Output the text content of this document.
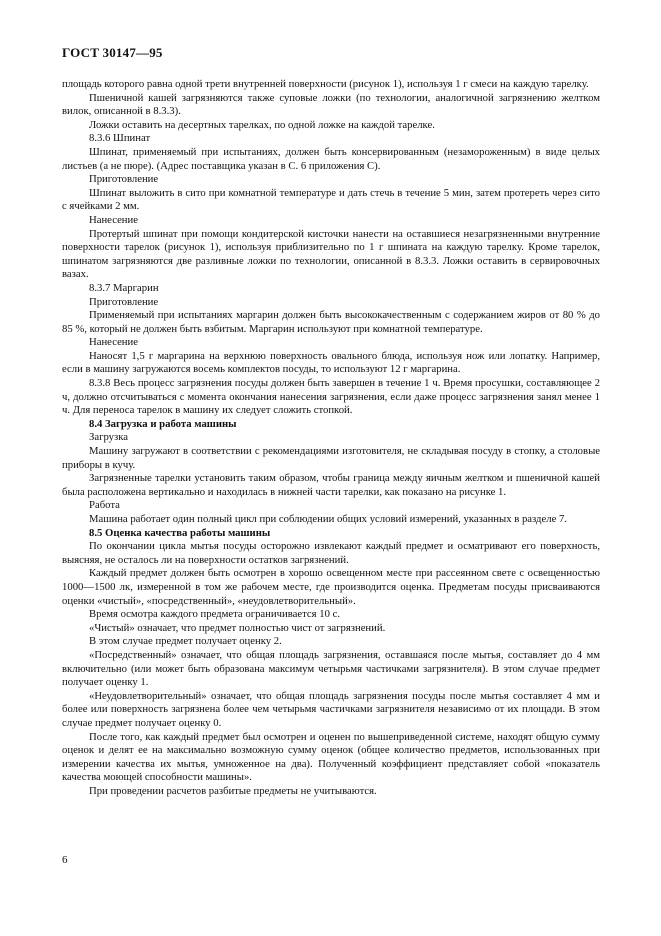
ГОСТ 30147—95

площадь которого равна одной трети внутренней поверхности (рисунок 1), используя 1 г смеси на каждую тарелку.

Пшеничной кашей загрязняются также суповые ложки (по технологии, аналогичной загрязнению желтком вилок, описанной в 8.3.3).

Ложки оставить на десертных тарелках, по одной ложке на каждой тарелке.

8.3.6 Шпинат

Шпинат, применяемый при испытаниях, должен быть консервированным (незамороженным) в виде целых листьев (а не пюре). (Адрес поставщика указан в С. 6 приложения С).

Приготовление

Шпинат выложить в сито при комнатной температуре и дать стечь в течение 5 мин, затем протереть через сито с ячейками 2 мм.

Нанесение

Протертый шпинат при помощи кондитерской кисточки нанести на оставшиеся незагрязненными внутренние поверхности тарелок (рисунок 1), используя приблизительно по 1 г шпината на каждую тарелку. Кроме тарелок, шпинатом загрязняются две разливные ложки по технологии, описанной в 8.3.3. Ложки оставить в сервировочных вазах.

8.3.7 Маргарин

Приготовление

Применяемый при испытаниях маргарин должен быть высококачественным с содержанием жиров от 80 % до 85 %, который не должен быть взбитым. Маргарин используют при комнатной температуре.

Нанесение

Наносят 1,5 г маргарина на верхнюю поверхность овального блюда, используя нож или лопатку. Например, если в машину загружаются восемь комплектов посуды, то используют 12 г маргарина.

8.3.8 Весь процесс загрязнения посуды должен быть завершен в течение 1 ч. Время просушки, составляющее 2 ч, должно отсчитываться с момента окончания нанесения загрязнения, если даже процесс загрязнения занял менее 1 ч. Для переноса тарелок в машину их следует сложить стопкой.

8.4 Загрузка и работа машины

Загрузка

Машину загружают в соответствии с рекомендациями изготовителя, не складывая посуду в стопку, а столовые приборы в кучу.

Загрязненные тарелки установить таким образом, чтобы граница между яичным желтком и пшеничной кашей была расположена вертикально и находилась в нижней части тарелки, как показано на рисунке 1.

Работа

Машина работает один полный цикл при соблюдении общих условий измерений, указанных в разделе 7.

8.5 Оценка качества работы машины

По окончании цикла мытья посуды осторожно извлекают каждый предмет и осматривают его поверхность, выясняя, не осталось ли на поверхности остатков загрязнений.

Каждый предмет должен быть осмотрен в хорошо освещенном месте при рассеянном свете с освещенностью 1000—1500 лк, измеренной в том же рабочем месте, где производится оценка. Предметам посуды присваиваются оценки «чистый», «посредственный», «неудовлетворительный».

Время осмотра каждого предмета ограничивается 10 с.

«Чистый» означает, что предмет полностью чист от загрязнений.

В этом случае предмет получает оценку 2.

«Посредственный» означает, что общая площадь загрязнения, оставшаяся после мытья, составляет до 4 мм включительно (или может быть образована максимум четырьмя частичками загрязнителя). В этом случае предмет получает оценку 1.

«Неудовлетворительный» означает, что общая площадь загрязнения посуды после мытья составляет 4 мм и более или поверхность загрязнена более чем четырьмя частичками загрязнителя независимо от их площади. В этом случае предмет получает оценку 0.

После того, как каждый предмет был осмотрен и оценен по вышеприведенной системе, находят общую сумму оценок и делят ее на максимально возможную сумму оценок (общее количество предметов, использованных при измерении качества их мытья, умноженное на два). Полученный коэффициент представляет собой «показатель качества моющей способности машины».

При проведении расчетов разбитые предметы не учитываются.

6
